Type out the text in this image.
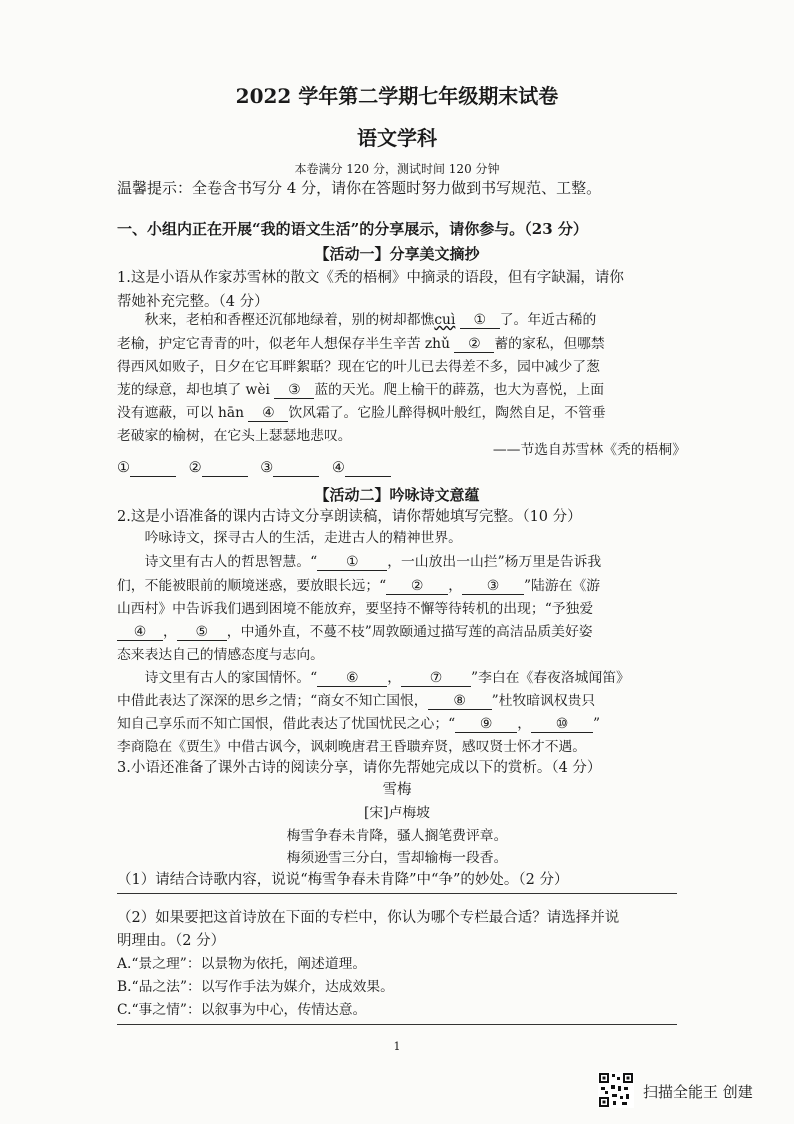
2022 学年第二学期七年级期末试卷
语文学科
本卷满分 120 分，测试时间 120 分钟
温馨提示：全卷含书写分 4 分，请你在答题时努力做到书写规范、工整。
一、小组内正在开展“我的语文生活”的分享展示，请你参与。（23 分）
【活动一】分享美文摘抄
1.这是小语从作家苏雪林的散文《秃的梧桐》中摘录的语段，但有字缺漏，请你
帮她补充完整。（4 分）
　　秋来，老柏和香樫还沉郁地绿着，别的树却都憔cuì ① 了。年近古稀的
老榆，护定它青青的叶，似老年人想保存半生辛苦 zhǔ ② 蓄的家私，但哪禁
得西风如败子，日夕在它耳畔絮聒？现在它的叶儿已去得差不多，园中减少了葱
茏的绿意，却也填了 wèi ③ 蓝的天光。爬上榆干的薜荔，也大为喜悦，上面
没有遮蔽，可以 hān ④ 饮风霜了。它脸儿醉得枫叶般红，陶然自足，不管垂
老破家的榆树，在它头上瑟瑟地悲叹。
——节选自苏雪林《秃的梧桐》
①	②	③	④
【活动二】吟咏诗文意蕴
2.这是小语准备的课内古诗文分享朗读稿，请你帮她填写完整。（10 分）
　　吟咏诗文，探寻古人的生活，走进古人的精神世界。
　　诗文里有古人的哲思智慧。“ ① ，一山放出一山拦”杨万里是告诉我
们，不能被眼前的顺境迷惑，要放眼长远；“ ② ， ③ ”陆游在《游
山西村》中告诉我们遇到困境不能放弃，要坚持不懈等待转机的出现；“予独爱
④ ， ⑤ ，中通外直，不蔓不枝”周敦颐通过描写莲的高洁品质美好姿
态来表达自己的情感态度与志向。
　　诗文里有古人的家国情怀。“ ⑥ ， ⑦ ”李白在《春夜洛城闻笛》
中借此表达了深深的思乡之情；“商女不知亡国恨， ⑧ ”杜牧暗讽权贵只
知自己享乐而不知亡国恨，借此表达了忧国忧民之心；“ ⑨ ， ⑩ ”
李商隐在《贾生》中借古讽今，讽刺晚唐君王昏聩弃贤，感叹贤士怀才不遇。
3.小语还准备了课外古诗的阅读分享，请你先帮她完成以下的赏析。（4 分）
雪梅
[宋]卢梅坡
梅雪争春未肯降，骚人搁笔费评章。
梅须逊雪三分白，雪却输梅一段香。
（1）请结合诗歌内容，说说“梅雪争春未肯降”中“争”的妙处。（2 分）
（2）如果要把这首诗放在下面的专栏中，你认为哪个专栏最合适？请选择并说
明理由。（2 分）
A.“景之理”：以景物为依托，阐述道理。
B.“品之法”：以写作手法为媒介，达成效果。
C.“事之情”：以叙事为中心，传情达意。
1
扫描全能王 创建
